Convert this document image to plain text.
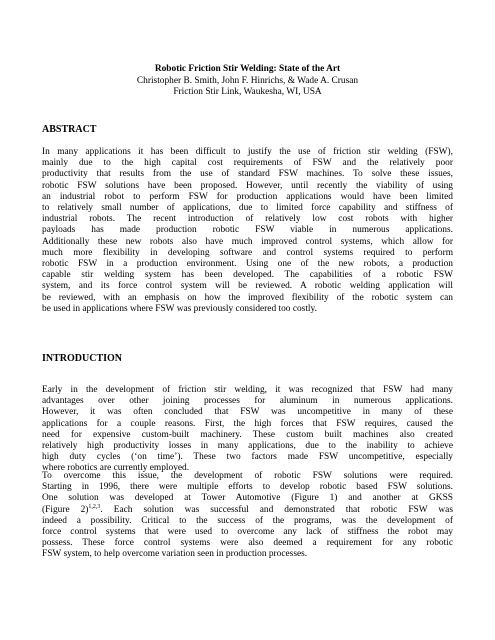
Robotic Friction Stir Welding: State of the Art
Christopher B. Smith, John F. Hinrichs, & Wade A. Crusan
Friction Stir Link, Waukesha, WI, USA
ABSTRACT
In many applications it has been difficult to justify the use of friction stir welding (FSW),
mainly due to the high capital cost requirements of FSW and the relatively poor
productivity that results from the use of standard FSW machines. To solve these issues,
robotic FSW solutions have been proposed. However, until recently the viability of using
an industrial robot to perform FSW for production applications would have been limited
to relatively small number of applications, due to limited force capability and stiffness of
industrial robots. The recent introduction of relatively low cost robots with higher
payloads has made production robotic FSW viable in numerous applications.
Additionally these new robots also have much improved control systems, which allow for
much more flexibility in developing software and control systems required to perform
robotic FSW in a production environment. Using one of the new robots, a production
capable stir welding system has been developed. The capabilities of a robotic FSW
system, and its force control system will be reviewed. A robotic welding application will
be reviewed, with an emphasis on how the improved flexibility of the robotic system can
be used in applications where FSW was previously considered too costly.
INTRODUCTION
Early in the development of friction stir welding, it was recognized that FSW had many
advantages over other joining processes for aluminum in numerous applications.
However, it was often concluded that FSW was uncompetitive in many of these
applications for a couple reasons. First, the high forces that FSW requires, caused the
need for expensive custom-built machinery. These custom built machines also created
relatively high productivity losses in many applications, due to the inability to achieve
high duty cycles (‘on time’). These two factors made FSW uncompetitive, especially
where robotics are currently employed.
To overcome this issue, the development of robotic FSW solutions were required.
Starting in 1996, there were multiple efforts to develop robotic based FSW solutions.
One solution was developed at Tower Automotive (Figure 1) and another at GKSS
(Figure 2)$^{1,2,3}$. Each solution was successful and demonstrated that robotic FSW was
indeed a possibility. Critical to the success of the programs, was the development of
force control systems that were used to overcome any lack of stiffness the robot may
possess. These force control systems were also deemed a requirement for any robotic
FSW system, to help overcome variation seen in production processes.
